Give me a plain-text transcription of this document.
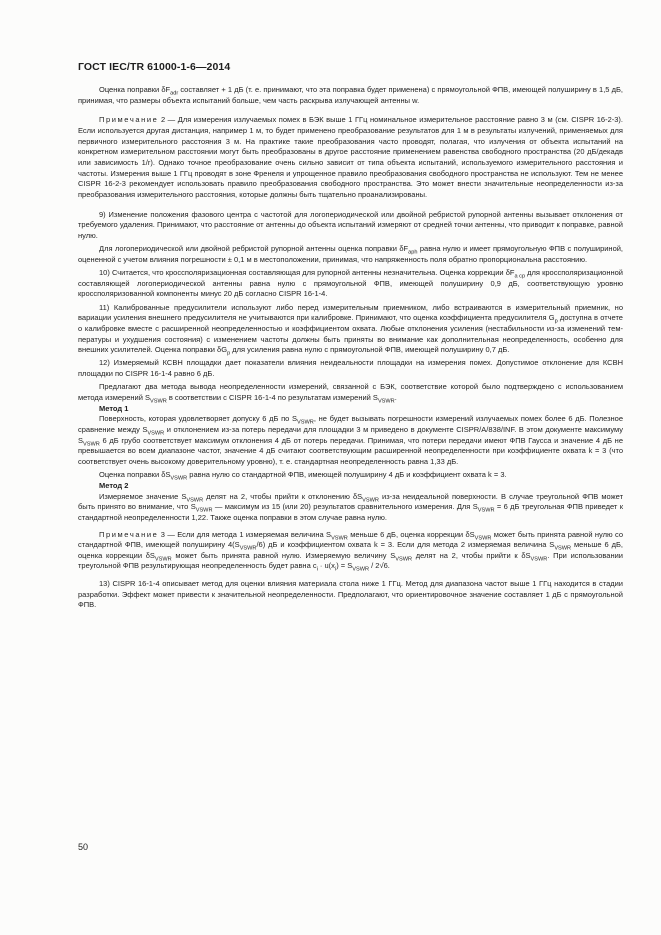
ГОСТ IEC/TR 61000-1-6—2014

Оценка поправки $\delta F_{adr}$ составляет + 1 дБ (т. е. принимают, что эта поправка будет применена) с прямоугольной ФПВ, имеющей полуширину в 1,5 дБ, принимая, что размеры объекта испытаний больше, чем часть раскрыва излучающей антенны w.

Примечание 2 — Для измерения излучаемых помех в БЭК выше 1 ГГц номинальное измерительное расстояние равно 3 м (см. CISPR 16-2-3). Если используется другая дистанция, например 1 м, то будет применено преобразование результатов для 1 м в результаты излучений, применяемых для первичного измерительного расстояния 3 м. На практике такие преобразования часто проводят, полагая, что излучения от объекта испытаний на конкретном измерительном расстоянии могут быть преобразованы в другое расстояние применением равенства свободного пространства (20 дБ/декадв или зависимость 1/r). Однако точное преобразование очень сильно зависит от типа объекта испытаний, используемого измерительного расстояния и частоты. Измерения выше 1 ГГц проводят в зоне Френеля и упрощенное правило преобразования свободного пространства не используют. Тем не менее CISPR 16-2-3 рекомендует использовать правило преобразования свободного пространства. Это может внести значительные неопределенности из-за преобразования измерительного расстояния, которые должны быть тщательно проанализированы.

9) Изменение положения фазового центра с частотой для логопериодической или двойной ребристой рупорной антенны вызывает отклонения от требуемого удаления. Принимают, что расстояние от антенны до объекта испытаний измеряют от средней точки антенны, что приводит к поправке, равной нулю.

Для логопериодической или двойной ребристой рупорной антенны оценка поправки $\delta F_{aph}$ равна нулю и имеет прямоугольную ФПВ с полушириной, оцененной с учетом влияния погрешности ± 0,1 м в местоположении, принимая, что напряженность поля обратно пропорциональна расстоянию.

10) Считается, что кроссполяризационная составляющая для рупорной антенны незначительна. Оценка коррекции $\delta F_{a cp}$ для кроссполяризационной составляющей логопериодической антенны равна нулю с прямоугольной ФПВ, имеющей полуширину 0,9 дБ, соответствующую уровню кроссполяризованной компоненты минус 20 дБ согласно CISPR 16-1-4.

11) Калиброванные предусилители используют либо перед измерительным приемником, либо встраиваются в измерительный приемник, но вариации усиления внешнего предусилителя не учитываются при калибровке. Принимают, что оценка коэффициента предусилителя $G_p$ доступна в отчете о калибровке вместе с расширенной неопределенностью и коэффициентом охвата. Любые отклонения усиления (нестабильности из-за изменений температуры и ухудшения состояния) с изменением частоты должны быть приняты во внимание как дополнительная неопределенность, особенно для внешних усилителей. Оценка поправки $\delta G_p$ для усиления равна нулю с прямоугольной ФПВ, имеющей полуширину 0,7 дБ.

12) Измеряемый КСВН площадки дает показатели влияния неидеальности площадки на измерения помех. Допустимое отклонение для КСВН площадки по CISPR 16-1-4 равно 6 дБ.

Предлагают два метода вывода неопределенности измерений, связанной с БЭК, соответствие которой было подтверждено с использованием метода измерений $S_{VSWR}$ в соответствии с CISPR 16-1-4 по результатам измерений $S_{VSWR}$.

Метод 1

Поверхность, которая удовлетворяет допуску 6 дБ по $S_{VSWR}$, не будет вызывать погрешности измерений излучаемых помех более 6 дБ. Полезное сравнение между $S_{VSWR}$ и отклонением из-за потерь передачи для площадки 3 м приведено в документе CISPR/A/838/INF. В этом документе максимуму $S_{VSWR}$ 6 дБ грубо соответствует максимум отклонения 4 дБ от потерь передачи. Принимая, что потери передачи имеют ФПВ Гаусса и значение 4 дБ не превышается во всем диапазоне частот, значение 4 дБ считают соответствующим расширенной неопределенности при коэффициенте охвата k = 3 (что соответствует очень высокому доверительному уровню), т. е. стандартная неопределенность равна 1,33 дБ.

Оценка поправки $\delta S_{VSWR}$ равна нулю со стандартной ФПВ, имеющей полуширину 4 дБ и коэффициент охвата k = 3.

Метод 2

Измеряемое значение $S_{VSWR}$ делят на 2, чтобы прийти к отклонению $\delta S_{VSWR}$ из-за неидеальной поверхности. В случае треугольной ФПВ может быть принято во внимание, что $S_{VSWR}$ — максимум из 15 (или 20) результатов сравнительного измерения. Для $S_{VSWR} = 6$ дБ треугольная ФПВ приведет к стандартной неопределенности 1,22. Также оценка поправки в этом случае равна нулю.

Примечание 3 — Если для метода 1 измеряемая величина $S_{VSWR}$ меньше 6 дБ, оценка коррекции $\delta S_{VSWR}$ может быть принята равной нулю со стандартной ФПВ, имеющей полуширину $4(S_{VSWR}/6)$ дБ и коэффициентом охвата k = 3. Если для метода 2 измеряемая величина $S_{VSWR}$ меньше 6 дБ, оценка коррекции $\delta S_{VSWR}$ может быть принята равной нулю. Измеряемую величину $S_{VSWR}$ делят на 2, чтобы прийти к $\delta S_{VSWR}$. При использовании треугольной ФПВ результирующая неопределенность будет равна $c_i \cdot u(x_i) = S_{VSWR} / 2√6$.

13) CISPR 16-1-4 описывает метод для оценки влияния материала стола ниже 1 ГГц. Метод для диапазона частот выше 1 ГГц находится в стадии разработки. Эффект может привести к значительной неопределенности. Предполагают, что ориентировочное значение составляет 1 дБ с прямоугольной ФПВ.

50
